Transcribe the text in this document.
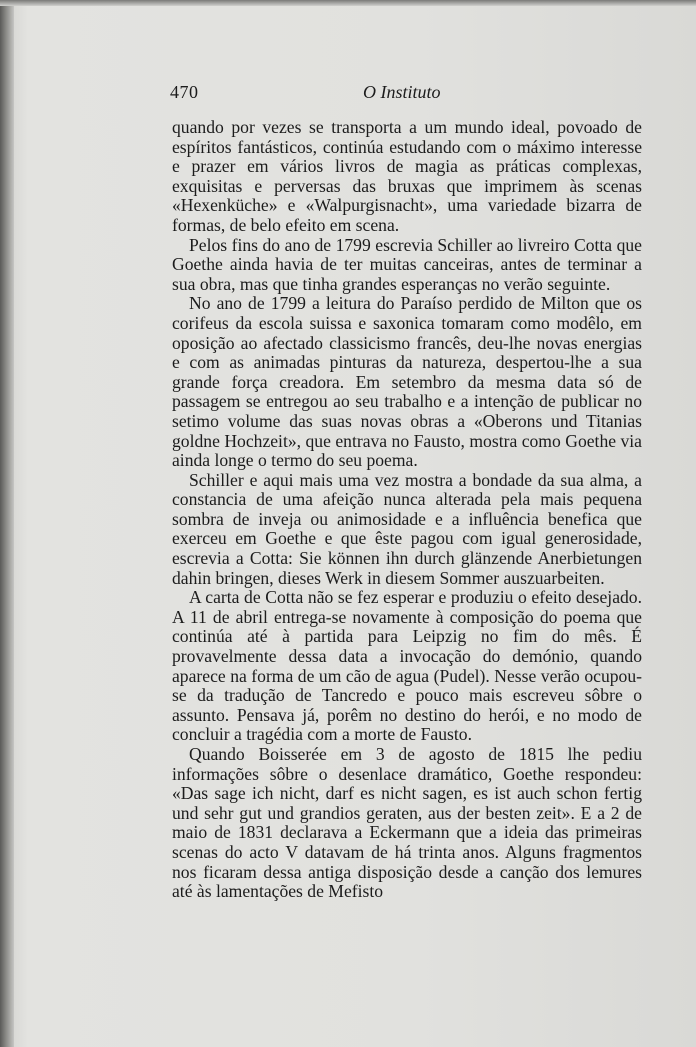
470	O Instituto

quando por vezes se transporta a um mundo ideal, povoado de espíritos fantásticos, continúa estudando com o máximo interesse e prazer em vários livros de magia as práticas complexas, exquisitas e perversas das bruxas que imprimem às scenas «Hexenküche» e «Walpurgisnacht», uma variedade bizarra de formas, de belo efeito em scena.

Pelos fins do ano de 1799 escrevia Schiller ao livreiro Cotta que Goethe ainda havia de ter muitas canceiras, antes de terminar a sua obra, mas que tinha grandes esperanças no verão seguinte.

No ano de 1799 a leitura do Paraíso perdido de Milton que os corifeus da escola suissa e saxonica tomaram como modêlo, em oposição ao afectado classicismo francês, deu-lhe novas energias e com as animadas pinturas da natureza, despertou-lhe a sua grande força creadora. Em setembro da mesma data só de passagem se entregou ao seu trabalho e a intenção de publicar no setimo volume das suas novas obras a «Oberons und Titanias goldne Hochzeit», que entrava no Fausto, mostra como Goethe via ainda longe o termo do seu poema.

Schiller e aqui mais uma vez mostra a bondade da sua alma, a constancia de uma afeição nunca alterada pela mais pequena sombra de inveja ou animosidade e a influência benefica que exerceu em Goethe e que êste pagou com igual generosidade, escrevia a Cotta: Sie können ihn durch glänzende Anerbietungen dahin bringen, dieses Werk in diesem Sommer auszuarbeiten.

A carta de Cotta não se fez esperar e produziu o efeito desejado. A 11 de abril entrega-se novamente à composição do poema que continúa até à partida para Leipzig no fim do mês. É provavelmente dessa data a invocação do demónio, quando aparece na forma de um cão de agua (Pudel). Nesse verão ocupou-se da tradução de Tancredo e pouco mais escreveu sôbre o assunto. Pensava já, porêm no destino do herói, e no modo de concluir a tragédia com a morte de Fausto.

Quando Boisserée em 3 de agosto de 1815 lhe pediu informações sôbre o desenlace dramático, Goethe respondeu: «Das sage ich nicht, darf es nicht sagen, es ist auch schon fertig und sehr gut und grandios geraten, aus der besten zeit». E a 2 de maio de 1831 declarava a Eckermann que a ideia das primeiras scenas do acto V datavam de há trinta anos. Alguns fragmentos nos ficaram dessa antiga disposição desde a canção dos lemures até às lamentações de Mefisto
